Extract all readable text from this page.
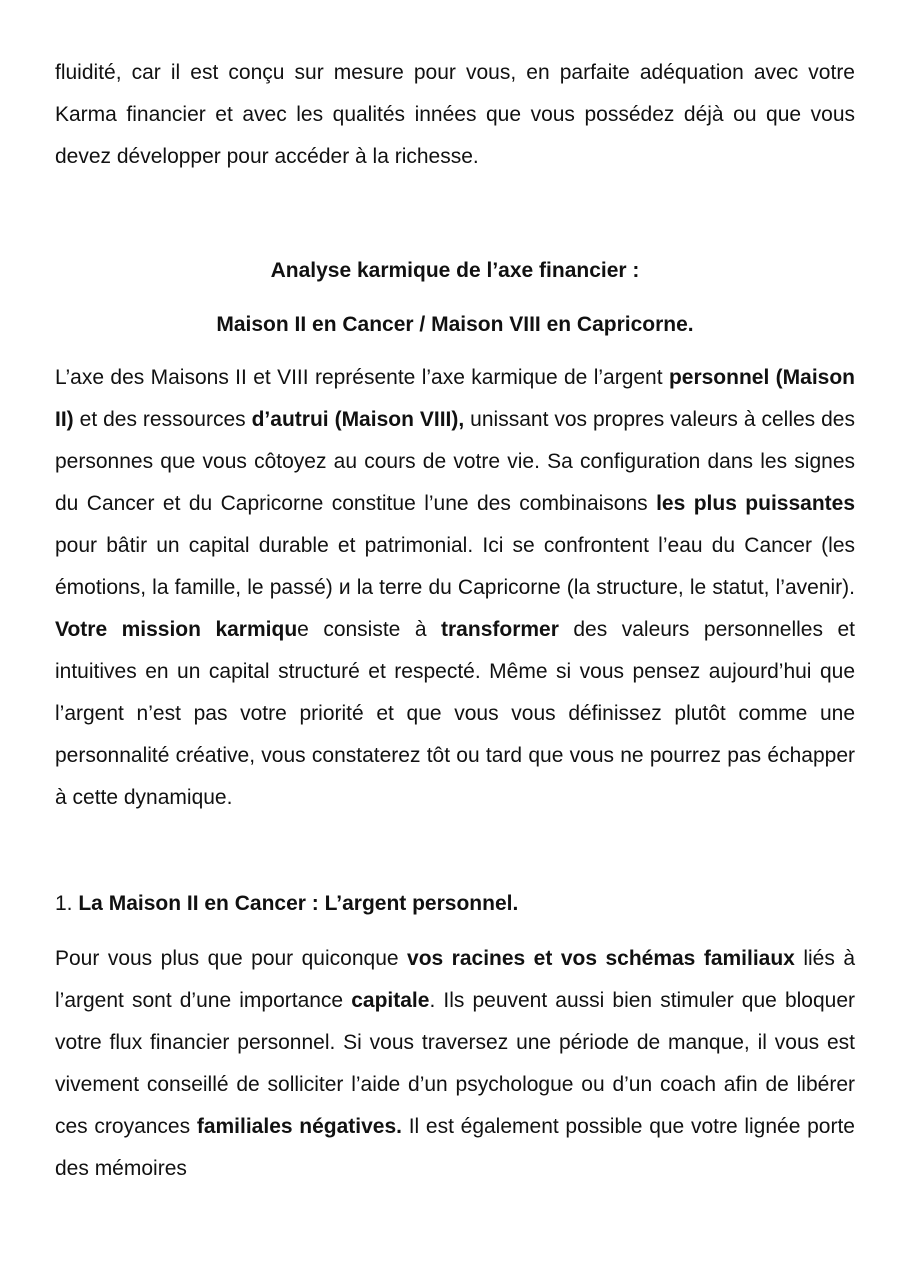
fluidité, car il est conçu sur mesure pour vous, en parfaite adéquation avec votre Karma financier et avec les qualités innées que vous possédez déjà ou que vous devez développer pour accéder à la richesse.

Analyse karmique de l’axe financier :
Maison II en Cancer / Maison VIII en Capricorne.

L’axe des Maisons II et VIII représente l’axe karmique de l’argent personnel (Maison II) et des ressources d’autrui (Maison VIII), unissant vos propres valeurs à celles des personnes que vous côtoyez au cours de votre vie. Sa configuration dans les signes du Cancer et du Capricorne constitue l’une des combinaisons les plus puissantes pour bâtir un capital durable et patrimonial. Ici se confrontent l’eau du Cancer (les émotions, la famille, le passé) и la terre du Capricorne (la structure, le statut, l’avenir). Votre mission karmique consiste à transformer des valeurs personnelles et intuitives en un capital structuré et respecté. Même si vous pensez aujourd’hui que l’argent n’est pas votre priorité et que vous vous définissez plutôt comme une personnalité créative, vous constaterez tôt ou tard que vous ne pourrez pas échapper à cette dynamique.

1. La Maison II en Cancer : L’argent personnel.

Pour vous plus que pour quiconque vos racines et vos schémas familiaux liés à l’argent sont d’une importance capitale. Ils peuvent aussi bien stimuler que bloquer votre flux financier personnel. Si vous traversez une période de manque, il vous est vivement conseillé de solliciter l’aide d’un psychologue ou d’un coach afin de libérer ces croyances familiales négatives. Il est également possible que votre lignée porte des mémoires
